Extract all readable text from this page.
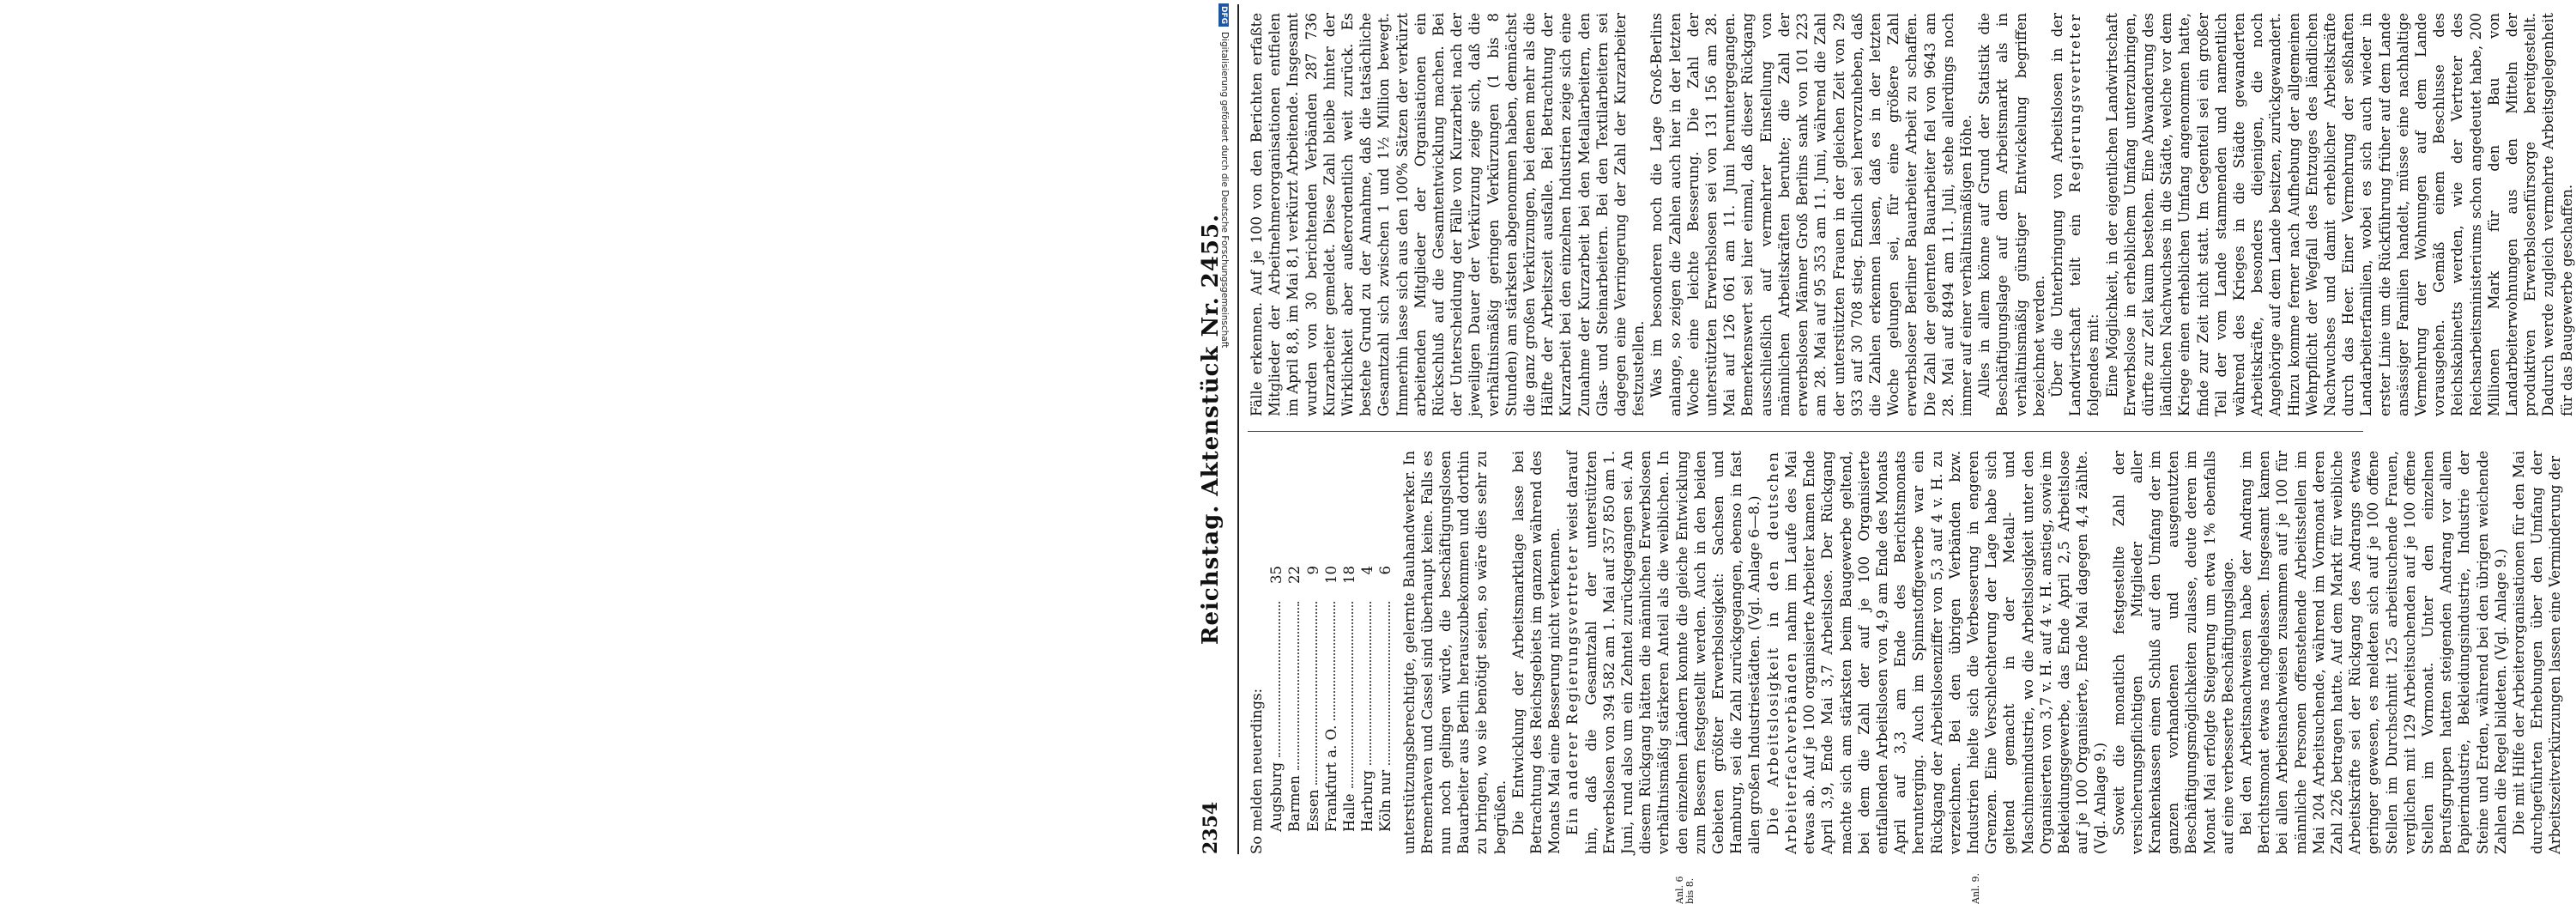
2354
Reichstag. Aktenstück Nr. 2455.

So melden neuerdings: Augsburg
35
Barmen
22
Essen
9
Frankfurt a. O.
10
Halle
18
Harburg
4
Köln nur
6 unterstützungsberechtigte, gelernte Bauhandwerker. In Bremerhaven und Cassel sind überhaupt keine. Falls es nun noch gelingen würde, die beschäftigungslosen Bauarbeiter aus Berlin herauszubekommen und dorthin zu bringen, wo sie benötigt seien, so wäre dies sehr zu begrüßen. Die Entwicklung der Arbeitsmarktlage lasse bei Betrachtung des Reichsgebiets im ganzen während des Monats Mai eine Besserung nicht verkennen. Ein anderer Regierungsvertreter weist darauf hin, daß die Gesamtzahl der unterstützten Erwerbslosen von 394 582 am 1. Mai auf 357 850 am 1. Juni, rund also um ein Zehntel zurückgegangen sei. An diesem Rückgang hätten die männlichen Erwerbslosen verhältnismäßig stärkeren Anteil als die weiblichen. In den einzelnen Ländern konnte die gleiche Entwicklung zum Bessern festgestellt werden. Auch in den beiden Gebieten größter Erwerbslosigkeit: Sachsen und Hamburg, sei die Zahl zurückgegangen, ebenso in fast allen großen Industriestädten. (Vgl. Anlage 6—8.) Die Arbeitslosigkeit in den deutschen Arbeiterfachverbänden nahm im Laufe des Mai etwas ab. Auf je 100 organisierte Arbeiter kamen Ende April 3,9, Ende Mai 3,7 Arbeitslose. Der Rückgang machte sich am stärksten beim Baugewerbe geltend, bei dem die Zahl der auf je 100 Organisierte entfallenden Arbeitslosen von 4,9 am Ende des Monats April auf 3,3 am Ende des Berichtsmonats herunterging. Auch im Spinnstoffgewerbe war ein Rückgang der Arbeitslosenziffer von 5,3 auf 4 v. H. zu verzeichnen. Bei den übrigen Verbänden bzw. Industrien hielte sich die Verbesserung in engeren Grenzen. Eine Verschlechterung der Lage habe sich geltend gemacht in der Metall- und Maschinenindustrie, wo die Arbeitslosigkeit unter den Organisierten von 3,7 v. H. auf 4 v. H. anstieg, sowie im Bekleidungsgewerbe, das Ende April 2,5 Arbeitslose auf je 100 Organisierte, Ende Mai dagegen 4,4 zählte. (Vgl. Anlage 9.) Soweit die monatlich festgestellte Zahl der versicherungspflichtigen Mitglieder aller Krankenkassen einen Schluß auf den Umfang der im ganzen vorhandenen und ausgenutzten Beschäftigungsmöglichkeiten zulasse, deute deren im Monat Mai erfolgte Steigerung um etwa 1% ebenfalls auf eine verbesserte Beschäftigungslage. Bei den Arbeitsnachweisen habe der Andrang im Berichtsmonat etwas nachgelassen. Insgesamt kamen bei allen Arbeitsnachweisen zusammen auf je 100 für männliche Personen offenstehende Arbeitsstellen im Mai 204 Arbeitsuchende, während im Vormonat deren Zahl 226 betragen hatte. Auf dem Markt für weibliche Arbeitskräfte sei der Rückgang des Andrangs etwas geringer gewesen, es meldeten sich auf je 100 offene Stellen im Durchschnitt 125 arbeitsuchende Frauen, verglichen mit 129 Arbeitsuchenden auf je 100 offene Stellen im Vormonat. Unter den einzelnen Berufsgruppen hatten steigenden Andrang vor allem Papierindustrie, Bekleidungsindustrie, Industrie der Steine und Erden, während bei den übrigen weichende Zahlen die Regel bildeten. (Vgl. Anlage 9.) Die mit Hilfe der Arbeiterorganisationen für den Mai durchgeführten Erhebungen über den Umfang der Arbeitszeitverkürzungen lassen eine Verminderung der

Fälle erkennen. Auf je 100 von den Berichten erfaßte Mitglieder der Arbeitnehmerorganisationen entfielen im April 8,8, im Mai 8,1 verkürzt Arbeitende. Insgesamt wurden von 30 berichtenden Verbänden 287 736 Kurzarbeiter gemeldet. Diese Zahl bleibe hinter der Wirklichkeit aber außerordentlich weit zurück. Es bestehe Grund zu der Annahme, daß die tatsächliche Gesamtzahl sich zwischen 1 und 1½ Million bewegt. Immerhin lasse sich aus den 100% Sätzen der verkürzt arbeitenden Mitglieder der Organisationen ein Rückschluß auf die Gesamtentwicklung machen. Bei der Unterscheidung der Fälle von Kurzarbeit nach der jeweiligen Dauer der Verkürzung zeige sich, daß die verhältnismäßig geringen Verkürzungen (1 bis 8 Stunden) am stärksten abgenommen haben, demnächst die ganz großen Verkürzungen, bei denen mehr als die Hälfte der Arbeitszeit ausfalle. Bei Betrachtung der Kurzarbeit bei den einzelnen Industrien zeige sich eine Zunahme der Kurzarbeit bei den Metallarbeitern, den Glas- und Steinarbeitern. Bei den Textilarbeitern sei dagegen eine Verringerung der Zahl der Kurzarbeiter festzustellen. Was im besonderen noch die Lage Groß-Berlins anlange, so zeigen die Zahlen auch hier in der letzten Woche eine leichte Besserung. Die Zahl der unterstützten Erwerbslosen sei von 131 156 am 28. Mai auf 126 061 am 11. Juni heruntergegangen. Bemerkenswert sei hier einmal, daß dieser Rückgang ausschließlich auf vermehrter Einstellung von männlichen Arbeitskräften beruhte; die Zahl der erwerbslosen Männer Groß Berlins sank von 101 223 am 28. Mai auf 95 353 am 11. Juni, während die Zahl der unterstützten Frauen in der gleichen Zeit von 29 933 auf 30 708 stieg. Endlich sei hervorzuheben, daß die Zahlen erkennen lassen, daß es in der letzten Woche gelungen sei, für eine größere Zahl erwerbsloser Berliner Bauarbeiter Arbeit zu schaffen. Die Zahl der gelernten Bauarbeiter fiel von 9643 am 28. Mai auf 8494 am 11. Juli, stehe allerdings noch immer auf einer verhältnismäßigen Höhe. Alles in allem könne auf Grund der Statistik die Beschäftigungslage auf dem Arbeitsmarkt als in verhältnismäßig günstiger Entwickelung begriffen bezeichnet werden. Über die Unterbringung von Arbeitslosen in der Landwirtschaft teilt ein Regierungsvertreter folgendes mit: Eine Möglichkeit, in der eigentlichen Landwirtschaft Erwerbslose in erheblichem Umfang unterzubringen, dürfte zur Zeit kaum bestehen. Eine Abwanderung des ländlichen Nachwuchses in die Städte, welche vor dem Kriege einen erheblichen Umfang angenommen hatte, finde zur Zeit nicht statt. Im Gegenteil sei ein großer Teil der vom Lande stammenden und namentlich während des Krieges in die Städte gewanderten Arbeitskräfte, besonders diejenigen, die noch Angehörige auf dem Lande besitzen, zurückgewandert. Hinzu komme ferner nach Aufhebung der allgemeinen Wehrpflicht der Wegfall des Entzuges des ländlichen Nachwuchses und damit erheblicher Arbeitskräfte durch das Heer. Einer Vermehrung der seßhaften Landarbeiterfamilien, wobei es sich auch wieder in erster Linie um die Rückführung früher auf dem Lande ansässiger Familien handelt, müsse eine nachhaltige Vermehrung der Wohnungen auf dem Lande vorausgehen. Gemäß einem Beschlusse des Reichskabinetts werden, wie der Vertreter des Reichsarbeitsministeriums schon angedeutet habe, 200 Millionen Mark für den Bau von Landarbeiterwohnungen aus den Mitteln der produktiven Erwerbslosenfürsorge bereitgestellt. Dadurch werde zugleich vermehrte Arbeitsgelegenheit für das Baugewerbe geschaffen.

Anl. 6 bis 8.	Anl. 9.
DFGDigitalisierung gefördert durch die Deutsche Forschungsgemeinschaft
